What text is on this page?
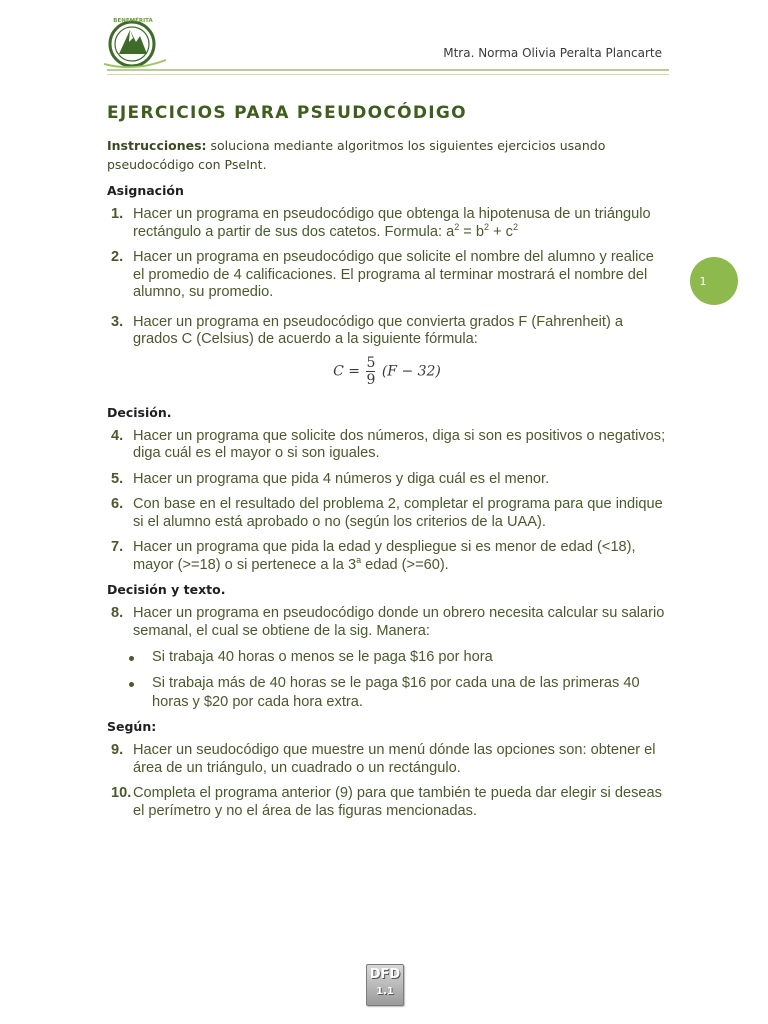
BENEMÉRITA
Mtra. Norma Olivia Peralta Plancarte
1
EJERCICIOS PARA PSEUDOCÓDIGO
Instrucciones: soluciona mediante algoritmos los siguientes ejercicios usando pseudocódigo con PseInt.
Asignación
1. Hacer un programa en pseudocódigo que obtenga la hipotenusa de un triángulo rectángulo a partir de sus dos catetos. Formula: $a^2 = b^2 + c^2$
2. Hacer un programa en pseudocódigo que solicite el nombre del alumno y realice el promedio de 4 calificaciones. El programa al terminar mostrará el nombre del alumno, su promedio.
3. Hacer un programa en pseudocódigo que convierta grados F (Fahrenheit) a grados C (Celsius) de acuerdo a la siguiente fórmula:
$C = \frac{5}{9} (F - 32)$
Decisión.
4. Hacer un programa que solicite dos números, diga si son es positivos o negativos; diga cuál es el mayor o si son iguales.
5. Hacer un programa que pida 4 números y diga cuál es el menor.
6. Con base en el resultado del problema 2, completar el programa para que indique si el alumno está aprobado o no (según los criterios de la UAA).
7. Hacer un programa que pida la edad y despliegue si es menor de edad (<18), mayor (>=18) o si pertenece a la 3$^a$ edad (>=60).
Decisión y texto.
8. Hacer un programa en pseudocódigo donde un obrero necesita calcular su salario semanal, el cual se obtiene de la sig. Manera:
Si trabaja 40 horas o menos se le paga $16 por hora
Si trabaja más de 40 horas se le paga $16 por cada una de las primeras 40 horas y $20 por cada hora extra.
Según:
9. Hacer un seudocódigo que muestre un menú dónde las opciones son: obtener el área de un triángulo, un cuadrado o un rectángulo.
10. Completa el programa anterior (9) para que también te pueda dar elegir si deseas el perímetro y no el área de las figuras mencionadas.
DFD
1.1
